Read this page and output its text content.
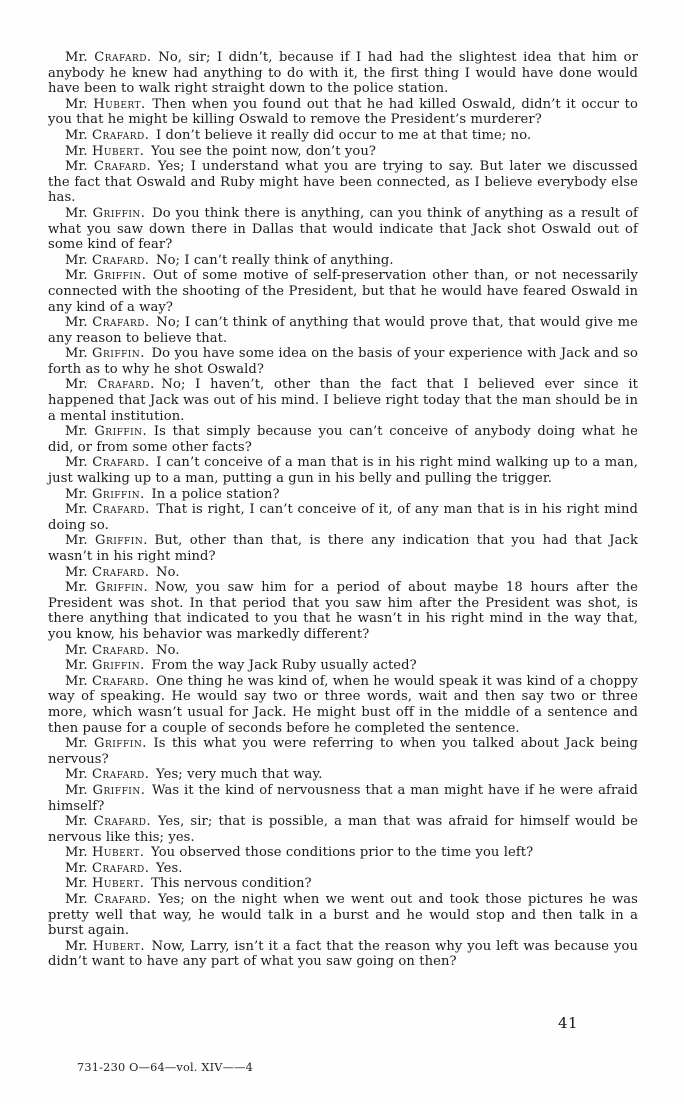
Mr. Crafard. No, sir; I didn’t, because if I had had the slightest idea that him or anybody he knew had anything to do with it, the first thing I would have done would have been to walk right straight down to the police station.

Mr. Hubert. Then when you found out that he had killed Oswald, didn’t it occur to you that he might be killing Oswald to remove the President’s murderer?

Mr. Crafard. I don’t believe it really did occur to me at that time; no.

Mr. Hubert. You see the point now, don’t you?

Mr. Crafard. Yes; I understand what you are trying to say. But later we discussed the fact that Oswald and Ruby might have been connected, as I believe everybody else has.

Mr. Griffin. Do you think there is anything, can you think of anything as a result of what you saw down there in Dallas that would indicate that Jack shot Oswald out of some kind of fear?

Mr. Crafard. No; I can’t really think of anything.

Mr. Griffin. Out of some motive of self-preservation other than, or not necessarily connected with the shooting of the President, but that he would have feared Oswald in any kind of a way?

Mr. Crafard. No; I can’t think of anything that would prove that, that would give me any reason to believe that.

Mr. Griffin. Do you have some idea on the basis of your experience with Jack and so forth as to why he shot Oswald?

Mr. Crafard. No; I haven’t, other than the fact that I believed ever since it happened that Jack was out of his mind. I believe right today that the man should be in a mental institution.

Mr. Griffin. Is that simply because you can’t conceive of anybody doing what he did, or from some other facts?

Mr. Crafard. I can’t conceive of a man that is in his right mind walking up to a man, just walking up to a man, putting a gun in his belly and pulling the trigger.

Mr. Griffin. In a police station?

Mr. Crafard. That is right, I can’t conceive of it, of any man that is in his right mind doing so.

Mr. Griffin. But, other than that, is there any indication that you had that Jack wasn’t in his right mind?

Mr. Crafard. No.

Mr. Griffin. Now, you saw him for a period of about maybe 18 hours after the President was shot. In that period that you saw him after the President was shot, is there anything that indicated to you that he wasn’t in his right mind in the way that, you know, his behavior was markedly different?

Mr. Crafard. No.

Mr. Griffin. From the way Jack Ruby usually acted?

Mr. Crafard. One thing he was kind of, when he would speak it was kind of a choppy way of speaking. He would say two or three words, wait and then say two or three more, which wasn’t usual for Jack. He might bust off in the middle of a sentence and then pause for a couple of seconds before he completed the sentence.

Mr. Griffin. Is this what you were referring to when you talked about Jack being nervous?

Mr. Crafard. Yes; very much that way.

Mr. Griffin. Was it the kind of nervousness that a man might have if he were afraid himself?

Mr. Crafard. Yes, sir; that is possible, a man that was afraid for himself would be nervous like this; yes.

Mr. Hubert. You observed those conditions prior to the time you left?

Mr. Crafard. Yes.

Mr. Hubert. This nervous condition?

Mr. Crafard. Yes; on the night when we went out and took those pictures he was pretty well that way, he would talk in a burst and he would stop and then talk in a burst again.

Mr. Hubert. Now, Larry, isn’t it a fact that the reason why you left was because you didn’t want to have any part of what you saw going on then?

41
731-230 O—64—vol. XIV——4
